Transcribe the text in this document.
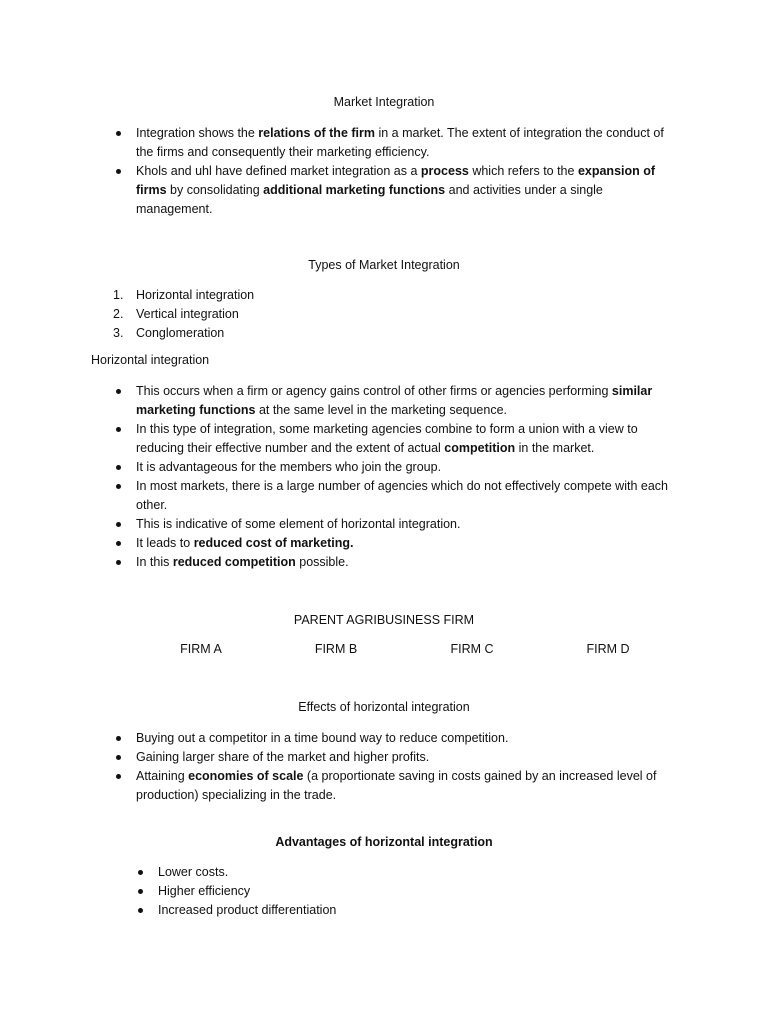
Market Integration
Integration shows the relations of the firm in a market. The extent of integration the conduct of the firms and consequently their marketing efficiency.
Khols and uhl have defined market integration as a process which refers to the expansion of firms by consolidating additional marketing functions and activities under a single management.
Types of Market Integration
1. Horizontal integration
2. Vertical integration
3. Conglomeration
Horizontal integration
This occurs when a firm or agency gains control of other firms or agencies performing similar marketing functions at the same level in the marketing sequence.
In this type of integration, some marketing agencies combine to form a union with a view to reducing their effective number and the extent of actual competition in the market.
It is advantageous for the members who join the group.
In most markets, there is a large number of agencies which do not effectively compete with each other.
This is indicative of some element of horizontal integration.
It leads to reduced cost of marketing.
In this reduced competition possible.
PARENT AGRIBUSINESS FIRM
FIRM A	FIRM B	FIRM C	FIRM D
Effects of horizontal integration
Buying out a competitor in a time bound way to reduce competition.
Gaining larger share of the market and higher profits.
Attaining economies of scale (a proportionate saving in costs gained by an increased level of production) specializing in the trade.
Advantages of horizontal integration
Lower costs.
Higher efficiency
Increased product differentiation
